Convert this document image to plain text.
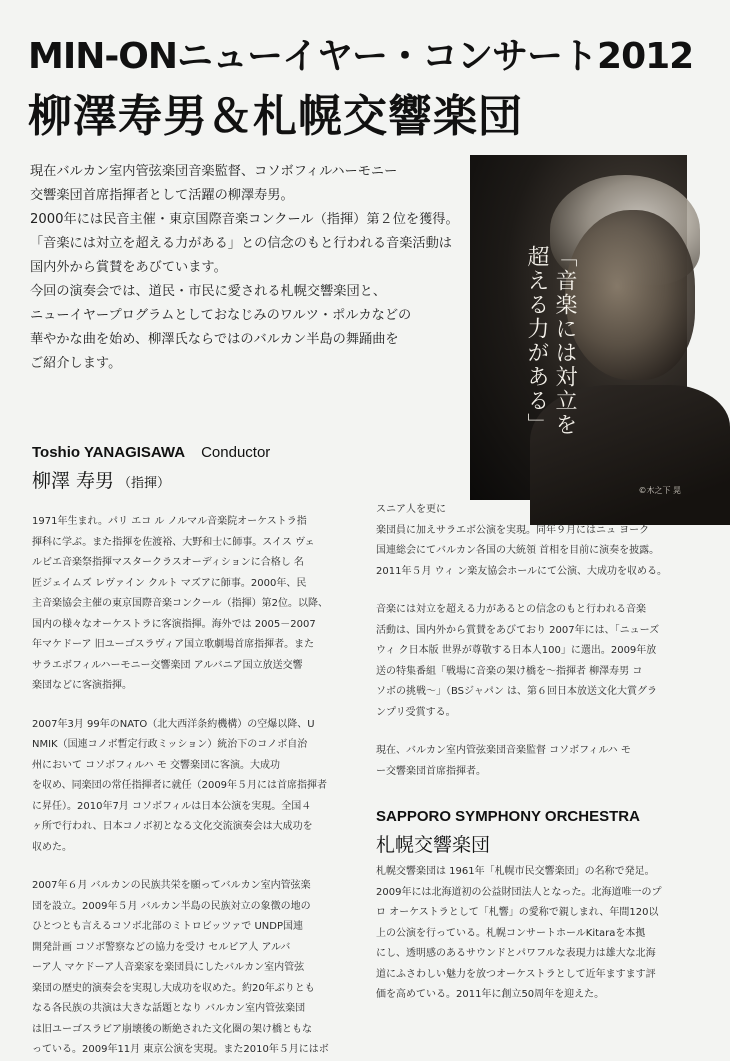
MIN-ONニューイヤー・コンサート2012
柳澤寿男＆札幌交響楽団

現在バルカン室内管弦楽団音楽監督、コソボフィルハーモニー

交響楽団首席指揮者として活躍の柳澤寿男。

2000年には民音主催・東京国際音楽コンクール（指揮）第２位を獲得。

「音楽には対立を超える力がある」との信念のもと行われる音楽活動は

国内外から賞賛をあびています。

今回の演奏会では、道民・市民に愛される札幌交響楽団と、

ニューイヤープログラムとしておなじみのワルツ・ポルカなどの

華やかな曲を始め、柳澤氏ならではのバルカン半島の舞踊曲を

ご紹介します。	「音楽には対立を
超える力がある」
©木之下 晃
Toshio YANAGISAWA Conductor
柳澤 寿男 （指揮）

1971年生まれ。パリ エコ ル ノルマル音楽院オーケストラ指
揮科に学ぶ。また指揮を佐渡裕、大野和士に師事。スイス ヴェ
ルビエ音楽祭指揮マスタークラスオーディションに合格し 名
匠ジェイムズ レヴァイン クルト マズアに師事。2000年、民
主音楽協会主催の東京国際音楽コンクール（指揮）第2位。以降、
国内の様々なオーケストラに客演指揮。海外では 2005－2007
年マケドーア 旧ユーゴスラヴィア国立歌劇場首席指揮者。また
サラエボフィルハーモニー交響楽団 アルバニア国立放送交響
楽団などに客演指揮。

2007年3月 99年のNATO（北大西洋条約機構）の空爆以降、U
NMIK（国連コノボ暫定行政ミッション）統治下のコノボ自治
州において コソボフィルハ モ 交響楽団に客演。大成功
を収め、同楽団の常任指揮者に就任（2009年５月には首席指揮者
に昇任）。2010年7月 コソボフィルは日本公演を実現。全国４
ヶ所で行われ、日本コノボ初となる文化交流演奏会は大成功を
収めた。

2007年６月 バルカンの民族共栄を願ってバルカン室内管弦楽
団を設立。2009年５月 バルカン半島の民族対立の象徴の地の
ひとつとも言えるコソボ北部のミトロビッツァで UNDP国連
開発計画 コソボ警察などの協力を受け セルビア人 アルバ
ーア人 マケドーア人音楽家を楽団員にしたバルカン室内管弦
楽団の歴史的演奏会を実現し大成功を収めた。約20年ぶりとも
なる各民族の共演は大きな話題となり バルカン室内管弦楽団
は旧ユーゴスラビア崩壊後の断絶された文化圏の架け橋ともな
っている。2009年11月 東京公演を実現。また2010年５月にはボ

スニア人を更に
楽団員に加えサラエボ公演を実現。同年９月にはニュ ヨーク
国連総会にてバルカン各国の大統領 首相を目前に演奏を披露。
2011年５月 ウィ ン楽友協会ホールにて公演、大成功を収める。

音楽には対立を超える力があるとの信念のもと行われる音楽
活動は、国内外から賞賛をあびており 2007年には、「ニューズ
ウィ ク日本版 世界が尊敬する日本人100」に選出。2009年放
送の特集番組「戦場に音楽の架け橋を～指揮者 柳澤寿男 コ
ソボの挑戦～」（BSジャパン は、第６回日本放送文化大賞グラ
ンプリ受賞する。

現在、バルカン室内管弦楽団音楽監督 コソボフィルハ モ
ー交響楽団首席指揮者。

SAPPORO SYMPHONY ORCHESTRA
札幌交響楽団

札幌交響楽団は 1961年「札幌市民交響楽団」の名称で発足。
2009年には北海道初の公益財団法人となった。北海道唯一のプ
ロ オーケストラとして「札響」の愛称で親しまれ、年間120以
上の公演を行っている。札幌コンサートホールKitaraを本拠
にし、透明感のあるサウンドとパワフルな表現力は雄大な北海
道にふさわしい魅力を放つオーケストラとして近年ますます評
価を高めている。2011年に創立50周年を迎えた。
